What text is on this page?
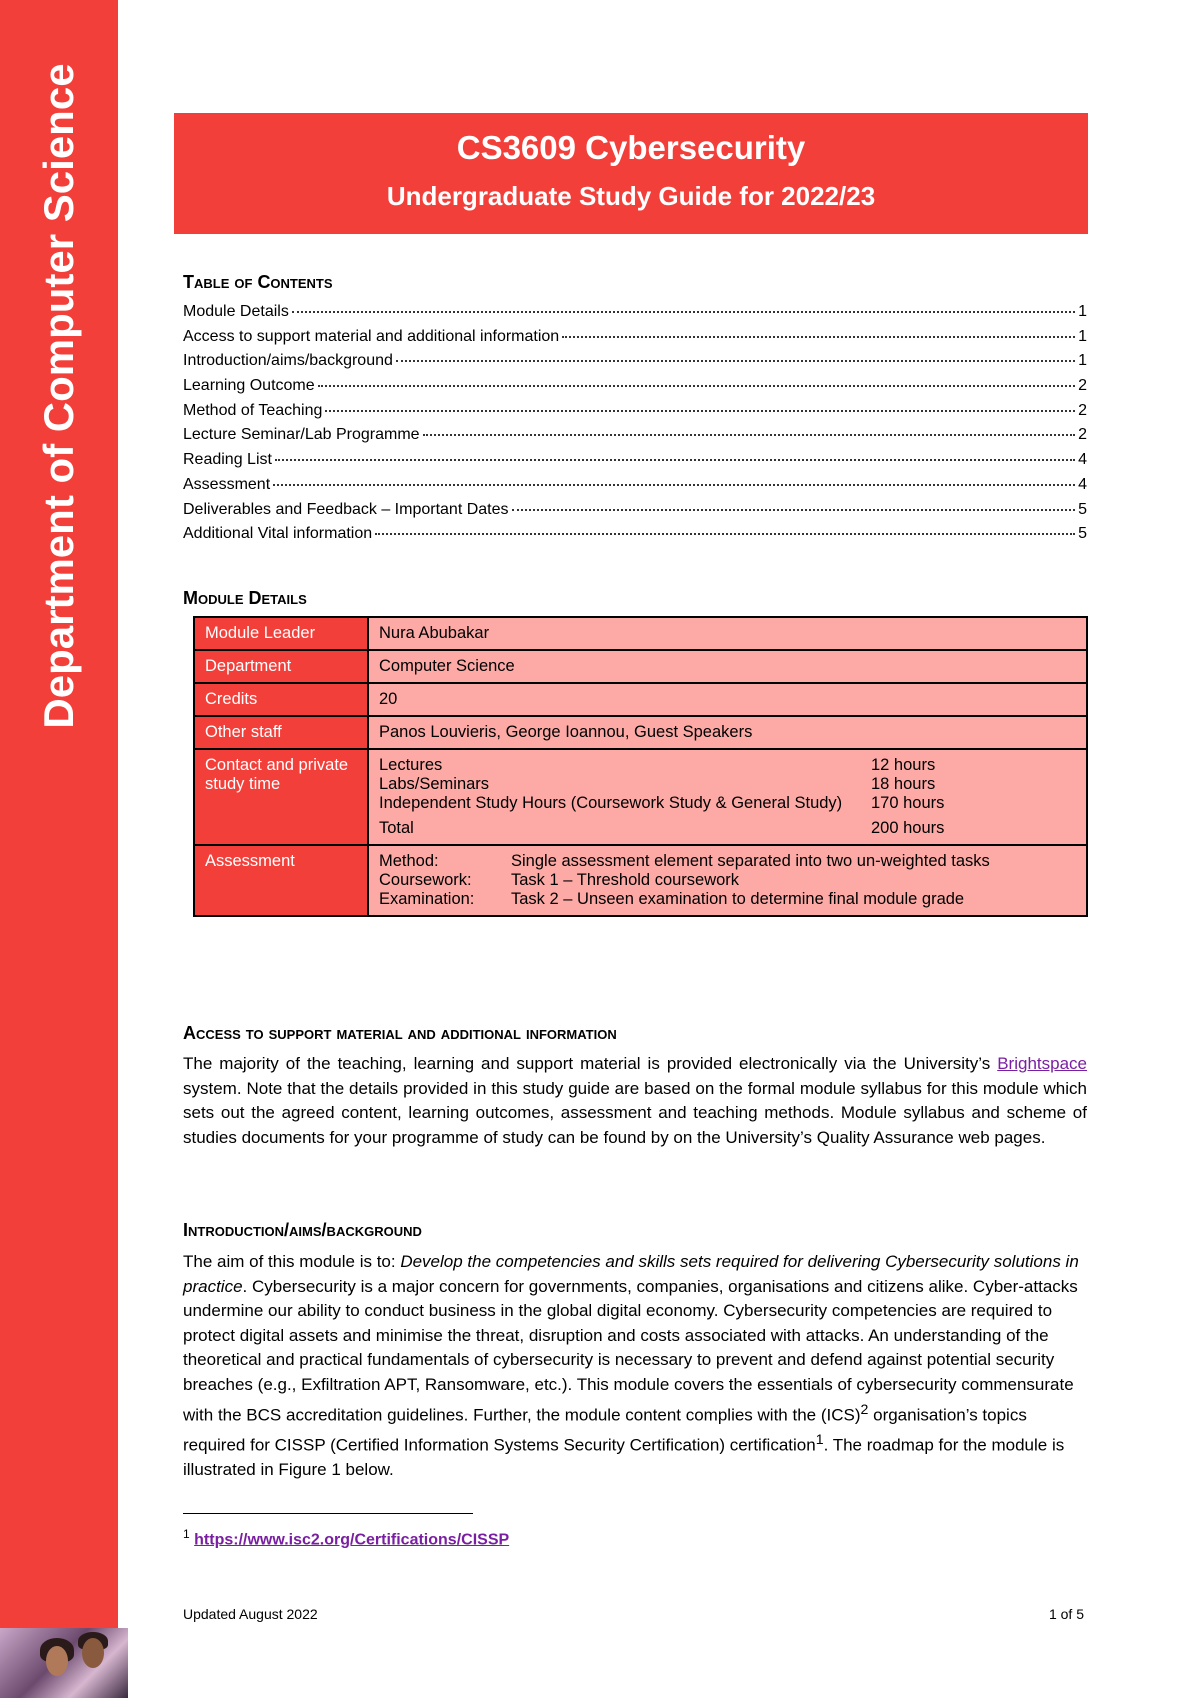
Department of Computer Science	CS3609 Cybersecurity
Undergraduate Study Guide for 2022/23
Table of Contents
Module Details	1
Access to support material and additional information	1
Introduction/aims/background	1
Learning Outcome	2
Method of Teaching	2
Lecture Seminar/Lab Programme	2
Reading List	4
Assessment	4
Deliverables and Feedback – Important Dates	5
Additional Vital information	5
Module Details
Module Leader	Nura Abubakar
Department	Computer Science
Credits	20
Other staff	Panos Louvieris, George Ioannou, Guest Speakers
Contact and private study time	
Lectures	12 hours
Labs/Seminars	18 hours
Independent Study Hours (Coursework Study & General Study)	170 hours
Total	200 hours

Assessment		Method:	Single assessment element separated into two un-weighted tasks
Coursework:	Task 1 – Threshold coursework
Examination:	Task 2 – Unseen examination to determine final module grade
Access to support material and additional information
The majority of the teaching, learning and support material is provided electronically via the University’s Brightspace system. Note that the details provided in this study guide are based on the formal module syllabus for this module which sets out the agreed content, learning outcomes, assessment and teaching methods. Module syllabus and scheme of studies documents for your programme of study can be found by on the University’s Quality Assurance web pages.
Introduction/aims/background
The aim of this module is to: Develop the competencies and skills sets required for delivering Cybersecurity solutions in practice. Cybersecurity is a major concern for governments, companies, organisations and citizens alike. Cyber-attacks undermine our ability to conduct business in the global digital economy. Cybersecurity competencies are required to protect digital assets and minimise the threat, disruption and costs associated with attacks. An understanding of the theoretical and practical fundamentals of cybersecurity is necessary to prevent and defend against potential security breaches (e.g., Exfiltration APT, Ransomware, etc.). This module covers the essentials of cybersecurity commensurate with the BCS accreditation guidelines. Further, the module content complies with the (ICS)$^2$ organisation’s topics required for CISSP (Certified Information Systems Security Certification) certification$^1$. The roadmap for the module is illustrated in Figure 1 below.
$^1$ https://www.isc2.org/Certifications/CISSP
Updated August 2022	1 of 5
